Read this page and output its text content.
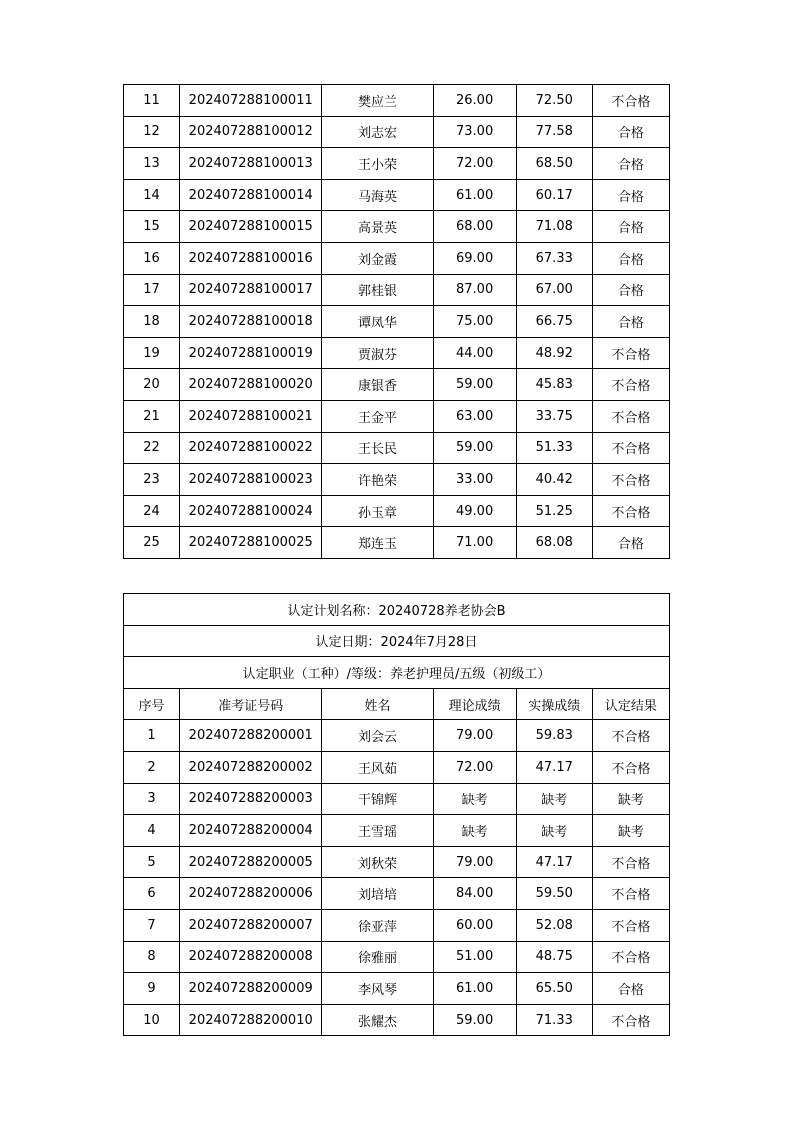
11	202407288100011	樊应兰	26.00	72.50	不合格
12	202407288100012	刘志宏	73.00	77.58	合格
13	202407288100013	王小荣	72.00	68.50	合格
14	202407288100014	马海英	61.00	60.17	合格
15	202407288100015	高景英	68.00	71.08	合格
16	202407288100016	刘金霞	69.00	67.33	合格
17	202407288100017	郭桂银	87.00	67.00	合格
18	202407288100018	谭凤华	75.00	66.75	合格
19	202407288100019	贾淑芬	44.00	48.92	不合格
20	202407288100020	康银香	59.00	45.83	不合格
21	202407288100021	王金平	63.00	33.75	不合格
22	202407288100022	王长民	59.00	51.33	不合格
23	202407288100023	许艳荣	33.00	40.42	不合格
24	202407288100024	孙玉章	49.00	51.25	不合格
25	202407288100025	郑连玉	71.00	68.08	合格
认定计划名称：20240728养老协会B					
认定日期：2024年7月28日					
认定职业（工种）/等级：养老护理员/五级（初级工）					
序号	准考证号码	姓名	理论成绩	实操成绩	认定结果
1	202407288200001	刘会云	79.00	59.83	不合格
2	202407288200002	王风茹	72.00	47.17	不合格
3	202407288200003	干锦辉	缺考	缺考	缺考
4	202407288200004	王雪瑶	缺考	缺考	缺考
5	202407288200005	刘秋荣	79.00	47.17	不合格
6	202407288200006	刘培培	84.00	59.50	不合格
7	202407288200007	徐亚萍	60.00	52.08	不合格
8	202407288200008	徐雅丽	51.00	48.75	不合格
9	202407288200009	李风琴	61.00	65.50	合格
10	202407288200010	张耀杰	59.00	71.33	不合格
